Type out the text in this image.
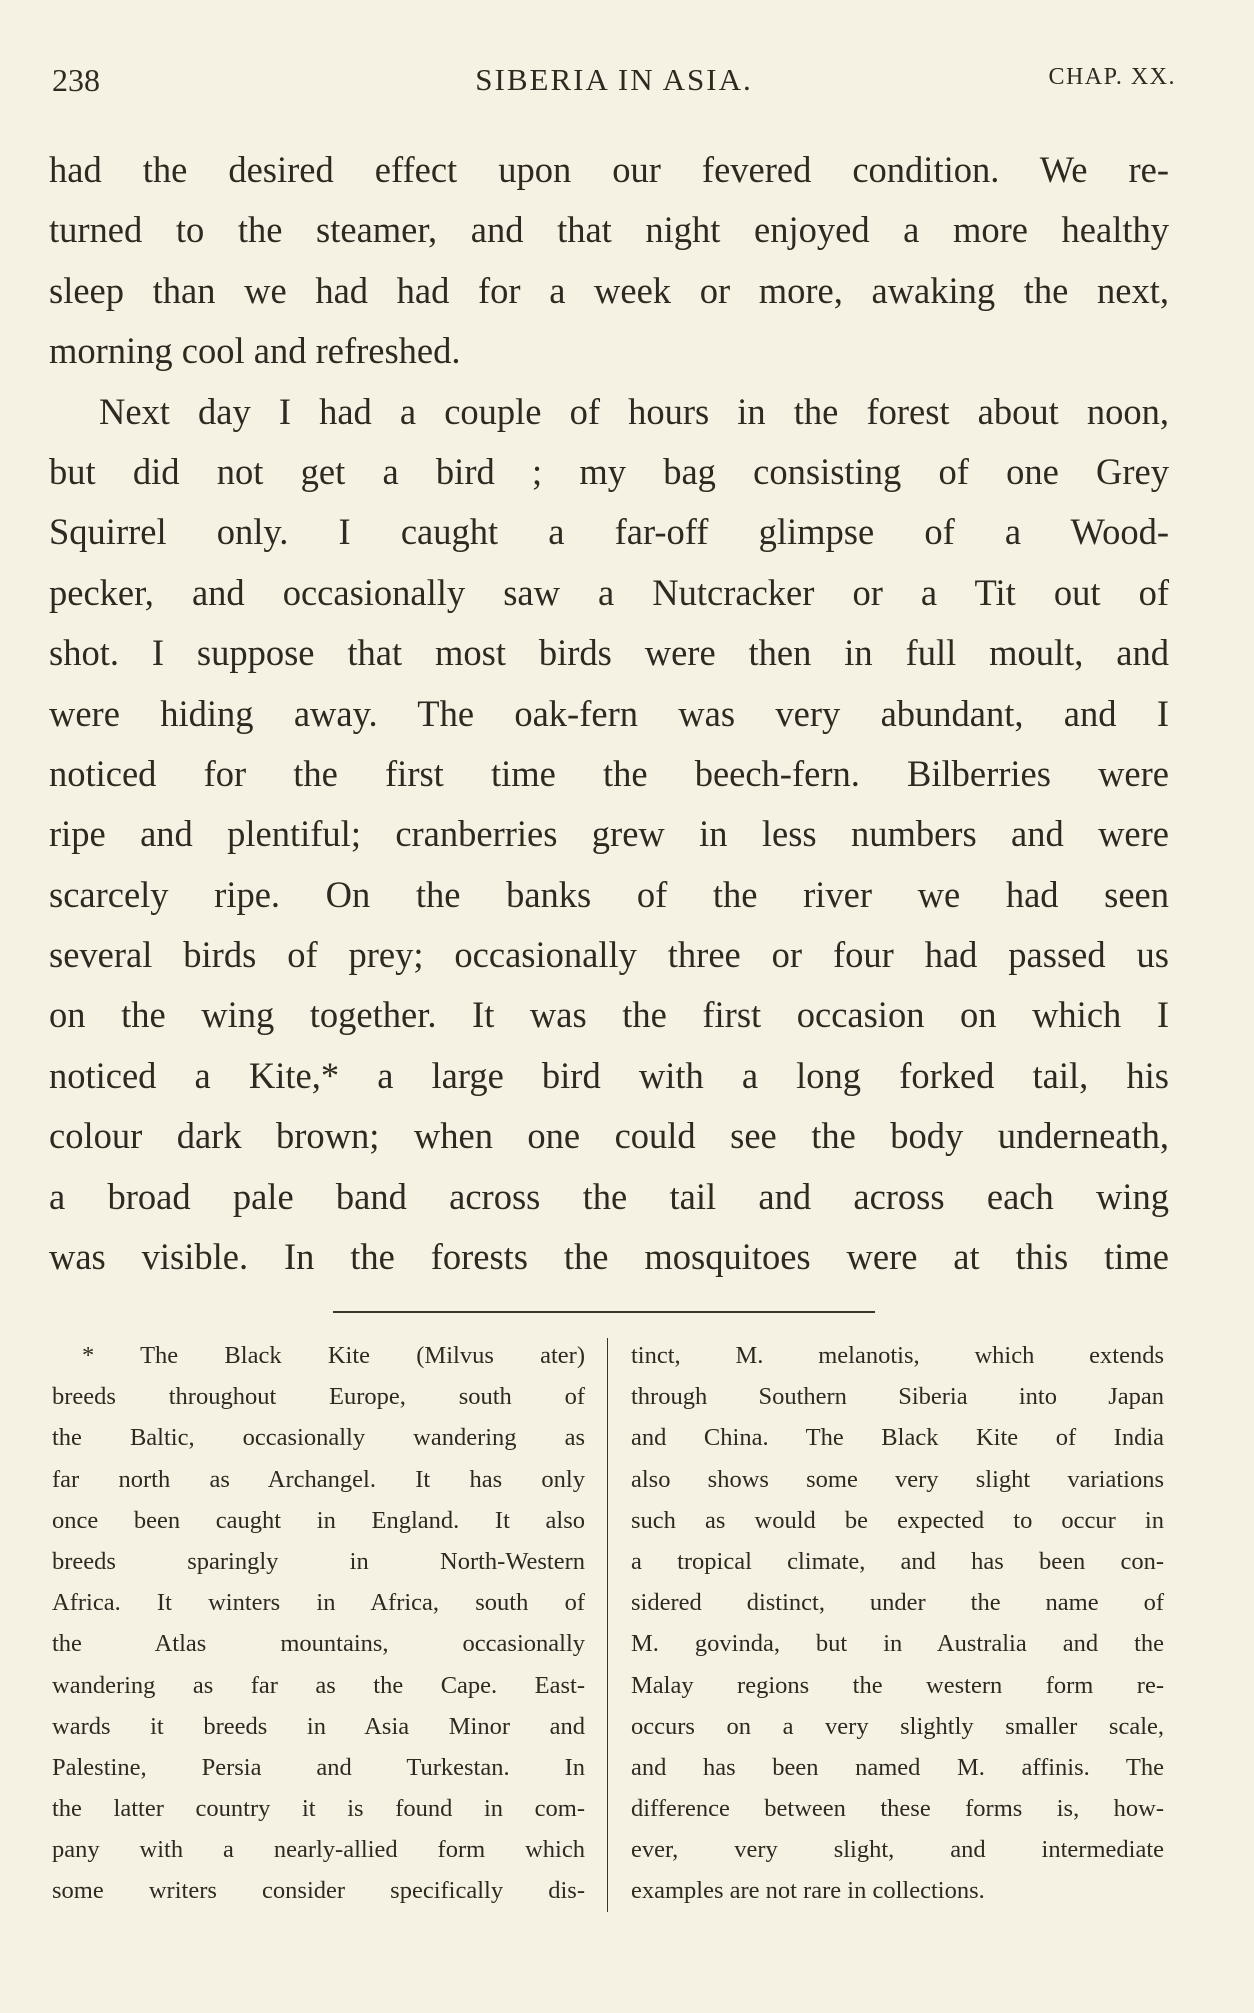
238	SIBERIA IN ASIA.	CHAP. XX.
had the desired effect upon our fevered condition. We re-
turned to the steamer, and that night enjoyed a more healthy
sleep than we had had for a week or more, awaking the next,
morning cool and refreshed.
Next day I had a couple of hours in the forest about noon,
but did not get a bird ; my bag consisting of one Grey
Squirrel only. I caught a far-off glimpse of a Wood-
pecker, and occasionally saw a Nutcracker or a Tit out of
shot. I suppose that most birds were then in full moult, and
were hiding away. The oak-fern was very abundant, and I
noticed for the first time the beech-fern. Bilberries were
ripe and plentiful; cranberries grew in less numbers and were
scarcely ripe. On the banks of the river we had seen
several birds of prey; occasionally three or four had passed us
on the wing together. It was the first occasion on which I
noticed a Kite,* a large bird with a long forked tail, his
colour dark brown; when one could see the body underneath,
a broad pale band across the tail and across each wing
was visible. In the forests the mosquitoes were at this time
* The Black Kite (Milvus ater)
breeds throughout Europe, south of
the Baltic, occasionally wandering as
far north as Archangel. It has only
once been caught in England. It also
breeds sparingly in North-Western
Africa. It winters in Africa, south of
the Atlas mountains, occasionally
wandering as far as the Cape. East-
wards it breeds in Asia Minor and
Palestine, Persia and Turkestan. In
the latter country it is found in com-
pany with a nearly-allied form which
some writers consider specifically dis-
tinct, M. melanotis, which extends
through Southern Siberia into Japan
and China. The Black Kite of India
also shows some very slight variations
such as would be expected to occur in
a tropical climate, and has been con-
sidered distinct, under the name of
M. govinda, but in Australia and the
Malay regions the western form re-
occurs on a very slightly smaller scale,
and has been named M. affinis. The
difference between these forms is, how-
ever, very slight, and intermediate
examples are not rare in collections.
